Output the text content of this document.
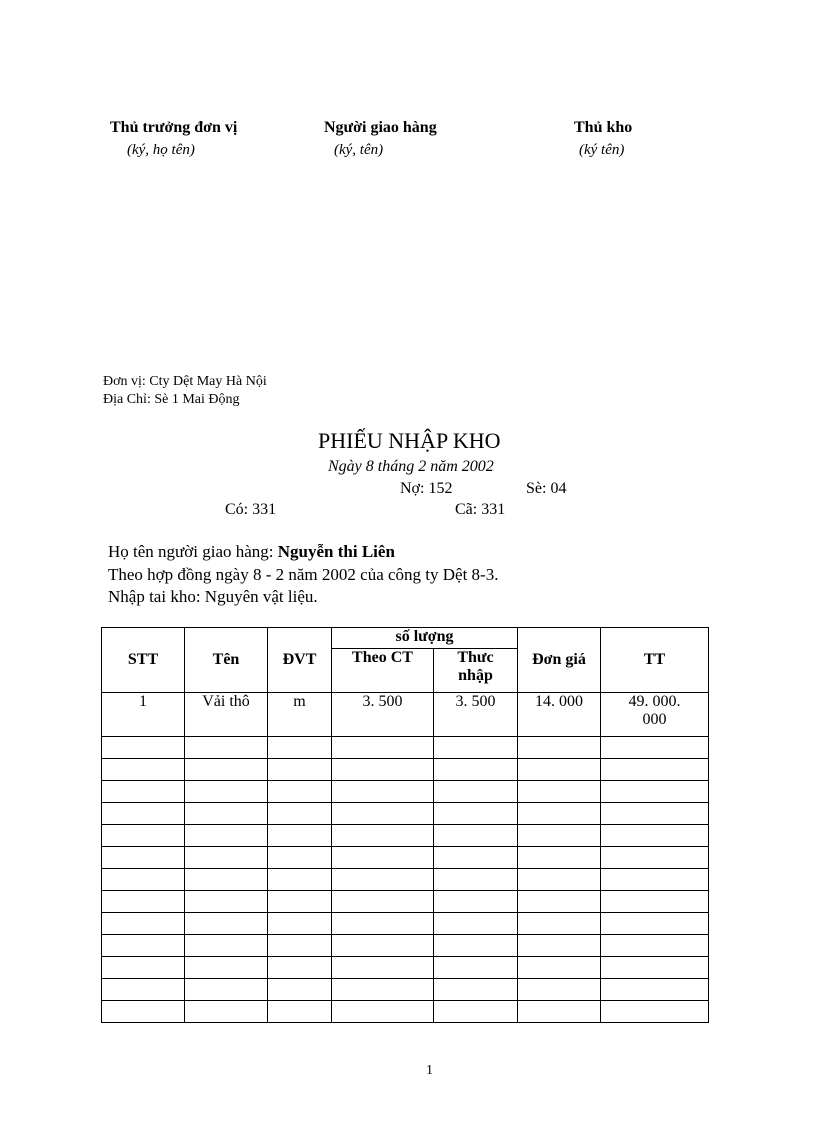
Thủ trưởng đơn vị
(ký, họ tên)
Người giao hàng
(ký, tên)
Thủ kho
(ký tên)
Đơn vị: Cty Dệt May Hà Nội
Địa Chỉ: Sè 1 Mai Động
PHIẾU NHẬP KHO
Ngày 8 tháng 2 năm 2002
Nợ: 152	Sè: 04
Có: 331	Cã: 331
Họ tên người giao hàng: Nguyễn thi Liên
Theo hợp đồng ngày 8 - 2 năm 2002 của công ty Dệt 8-3.
Nhập tai kho: Nguyên vật liệu.
STT	Tên	ĐVT	số lượng		Đơn giá	TT
			Theo CT	Thưc
nhập		

1	Vải thô	m	3. 500	3. 500	14. 000	49. 000.
000

1
